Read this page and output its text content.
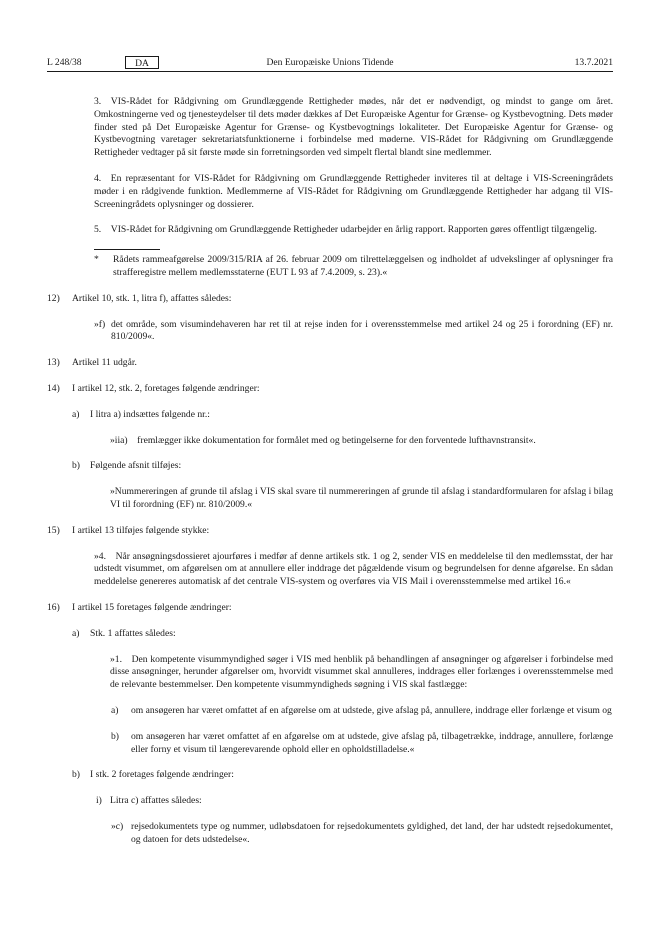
L 248/38	Den Europæiske Unions Tidende
DA	13.7.2021
3. VIS-Rådet for Rådgivning om Grundlæggende Rettigheder mødes, når det er nødvendigt, og mindst to gange om året. Omkostningerne ved og tjenesteydelser til dets møder dækkes af Det Europæiske Agentur for Grænse- og Kystbevogtning. Dets møder finder sted på Det Europæiske Agentur for Grænse- og Kystbevogtnings lokaliteter. Det Europæiske Agentur for Grænse- og Kystbevogtning varetager sekretariatsfunktionerne i forbindelse med møderne. VIS-Rådet for Rådgivning om Grundlæggende Rettigheder vedtager på sit første møde sin forretningsorden ved simpelt flertal blandt sine medlemmer.
4. En repræsentant for VIS-Rådet for Rådgivning om Grundlæggende Rettigheder inviteres til at deltage i VIS-Screeningrådets møder i en rådgivende funktion. Medlemmerne af VIS-Rådet for Rådgivning om Grundlæggende Rettigheder har adgang til VIS-Screeningrådets oplysninger og dossierer.
5. VIS-Rådet for Rådgivning om Grundlæggende Rettigheder udarbejder en årlig rapport. Rapporten gøres offentligt tilgængelig.
* Rådets rammeafgørelse 2009/315/RIA af 26. februar 2009 om tilrettelæggelsen og indholdet af udvekslinger af oplysninger fra strafferegistre mellem medlemsstaterne (EUT L 93 af 7.4.2009, s. 23).«
12) Artikel 10, stk. 1, litra f), affattes således:
»f) det område, som visumindehaveren har ret til at rejse inden for i overensstemmelse med artikel 24 og 25 i forordning (EF) nr. 810/2009«.
13) Artikel 11 udgår.
14) I artikel 12, stk. 2, foretages følgende ændringer:
a) I litra a) indsættes følgende nr.:
»iia) fremlægger ikke dokumentation for formålet med og betingelserne for den forventede lufthavnstransit«.
b) Følgende afsnit tilføjes:
»Nummereringen af grunde til afslag i VIS skal svare til nummereringen af grunde til afslag i standardformularen for afslag i bilag VI til forordning (EF) nr. 810/2009.«
15) I artikel 13 tilføjes følgende stykke:
»4. Når ansøgningsdossieret ajourføres i medfør af denne artikels stk. 1 og 2, sender VIS en meddelelse til den medlemsstat, der har udstedt visummet, om afgørelsen om at annullere eller inddrage det pågældende visum og begrundelsen for denne afgørelse. En sådan meddelelse genereres automatisk af det centrale VIS-system og overføres via VIS Mail i overensstemmelse med artikel 16.«
16) I artikel 15 foretages følgende ændringer:
a) Stk. 1 affattes således:
»1. Den kompetente visummyndighed søger i VIS med henblik på behandlingen af ansøgninger og afgørelser i forbindelse med disse ansøgninger, herunder afgørelser om, hvorvidt visummet skal annulleres, inddrages eller forlænges i overensstemmelse med de relevante bestemmelser. Den kompetente visummyndigheds søgning i VIS skal fastlægge:
a) om ansøgeren har været omfattet af en afgørelse om at udstede, give afslag på, annullere, inddrage eller forlænge et visum og
b) om ansøgeren har været omfattet af en afgørelse om at udstede, give afslag på, tilbagetrække, inddrage, annullere, forlænge eller forny et visum til længerevarende ophold eller en opholdstilladelse.«
b) I stk. 2 foretages følgende ændringer:
i) Litra c) affattes således:
»c) rejsedokumentets type og nummer, udløbsdatoen for rejsedokumentets gyldighed, det land, der har udstedt rejsedokumentet, og datoen for dets udstedelse«.
